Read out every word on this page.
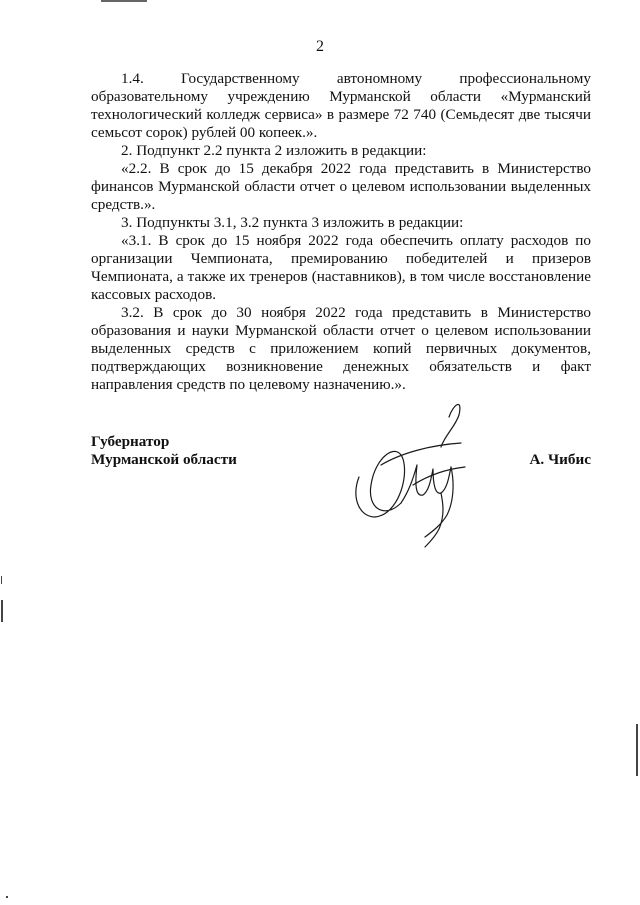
2

1.4. Государственному автономному профессиональному образовательному учреждению Мурманской области «Мурманский технологический колледж сервиса» в размере 72 740 (Семьдесят две тысячи семьсот сорок) рублей 00 копеек.».

2. Подпункт 2.2 пункта 2 изложить в редакции:

«2.2. В срок до 15 декабря 2022 года представить в Министерство финансов Мурманской области отчет о целевом использовании выделенных средств.».

3. Подпункты 3.1, 3.2 пункта 3 изложить в редакции:

«3.1. В срок до 15 ноября 2022 года обеспечить оплату расходов по организации Чемпионата, премированию победителей и призеров Чемпионата, а также их тренеров (наставников), в том числе восстановление кассовых расходов.

3.2. В срок до 30 ноября 2022 года представить в Министерство образования и науки Мурманской области отчет о целевом использовании выделенных средств с приложением копий первичных документов, подтверждающих возникновение денежных обязательств и факт направления средств по целевому назначению.».

Губернатор
Мурманской области	А. Чибис
